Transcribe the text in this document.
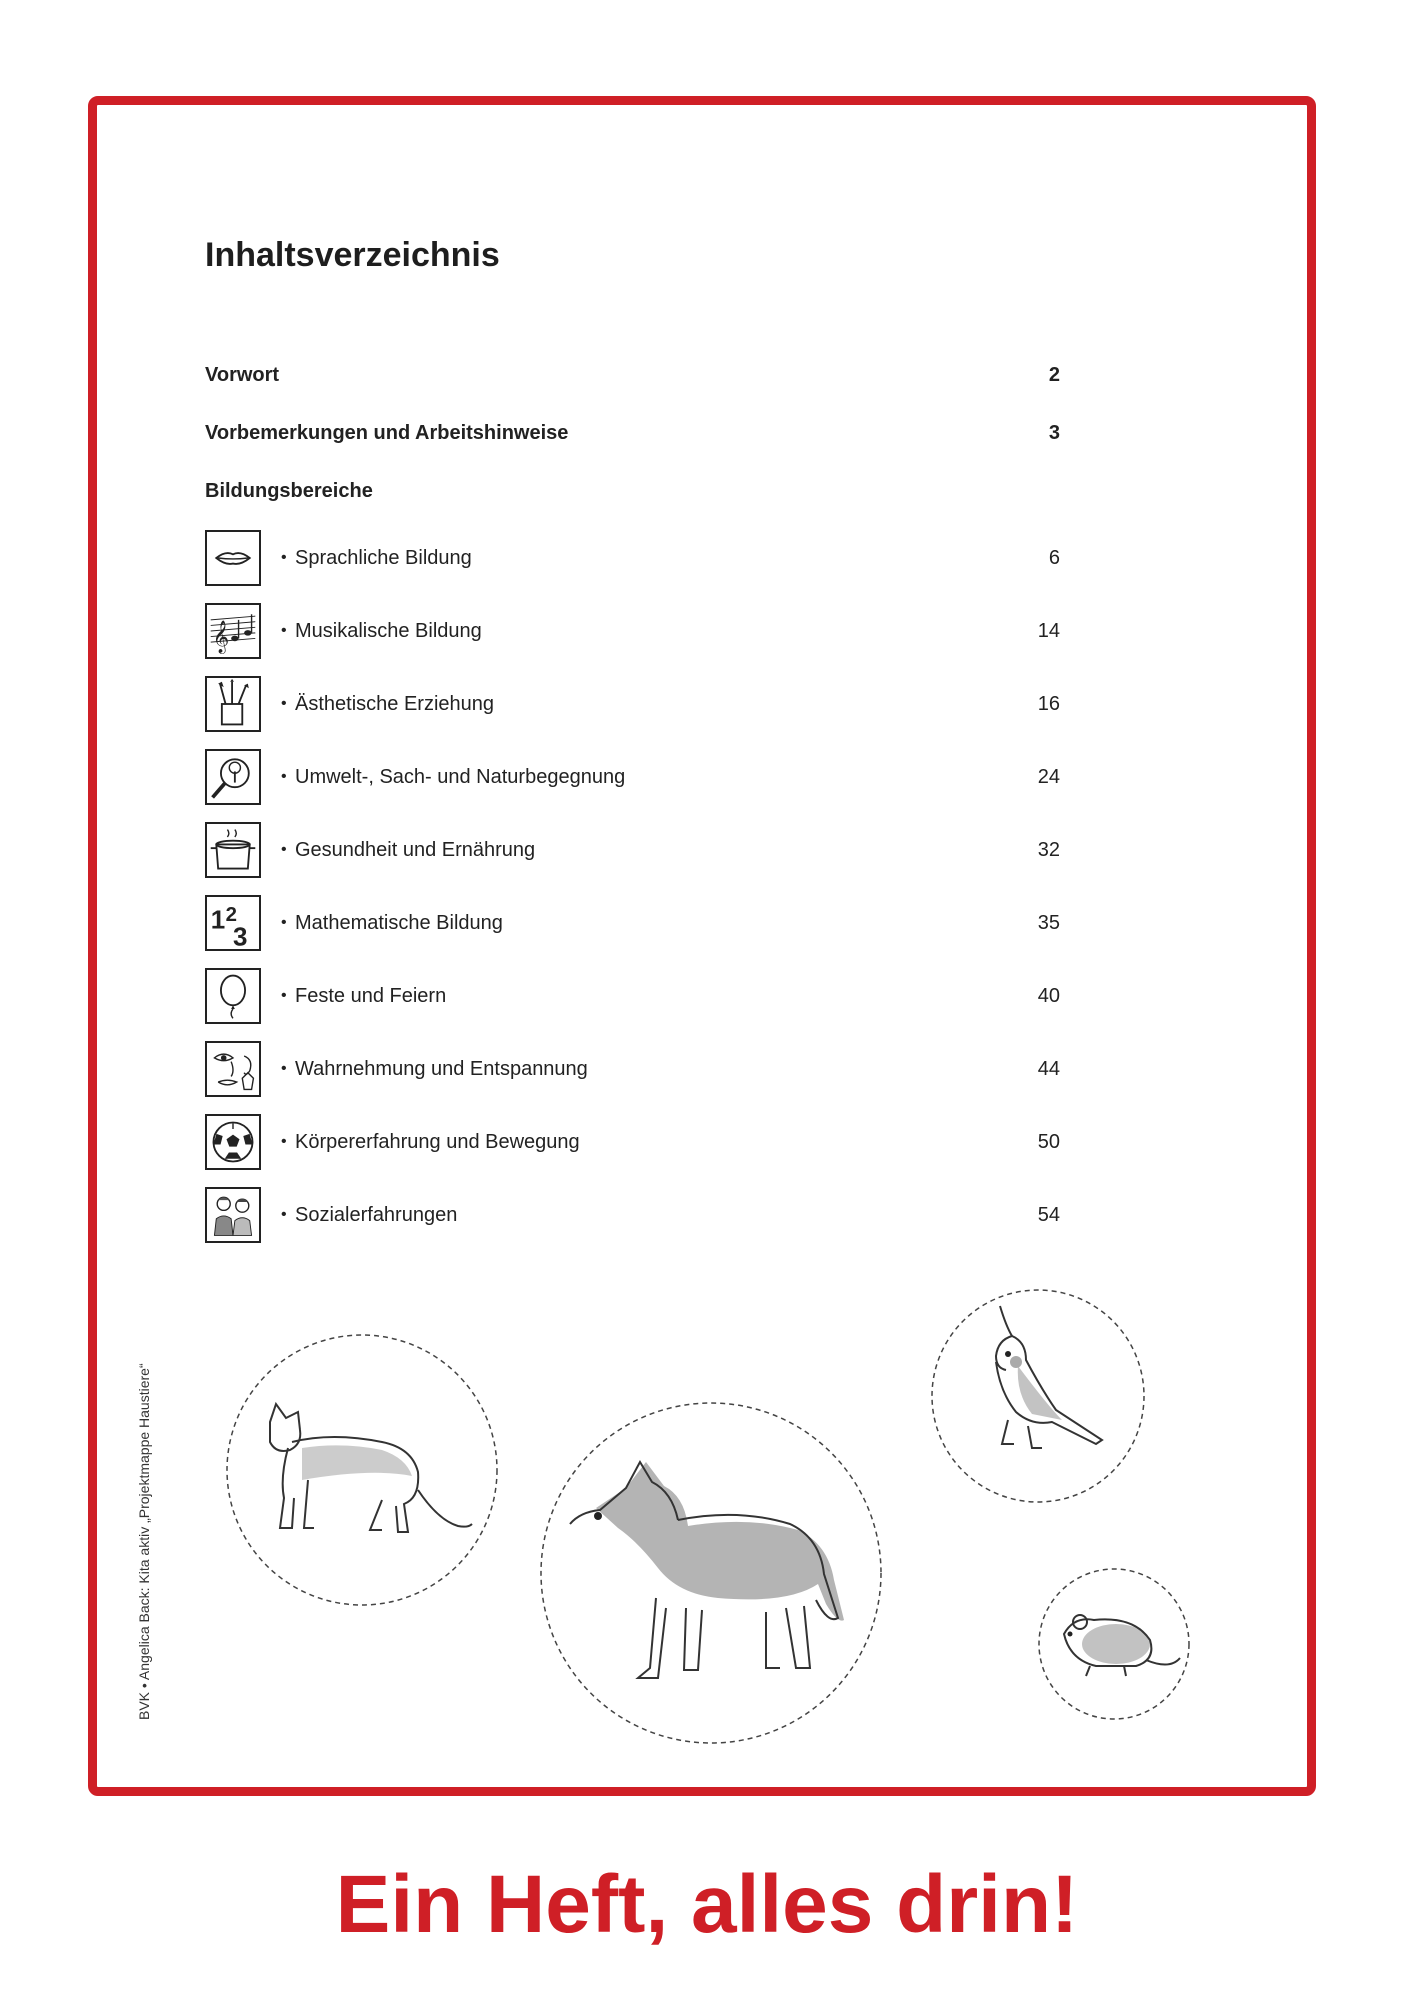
Inhaltsverzeichnis
Vorwort	2
Vorbemerkungen und Arbeitshinweise	3
Bildungsbereiche
• Sprachliche Bildung	6
𝄞	• Musikalische Bildung	14
• Ästhetische Erziehung	16
• Umwelt-, Sach- und Naturbegegnung	24
• Gesundheit und Ernährung	32
1 2
3 • Mathematische Bildung	35
• Feste und Feiern	40
• Wahrnehmung und Entspannung	44
• Körpererfahrung und Bewegung	50
• Sozialerfahrungen	54
BVK • Angelica Back: Kita aktiv „Projektmappe Haustiere“
Ein Heft, alles drin!
